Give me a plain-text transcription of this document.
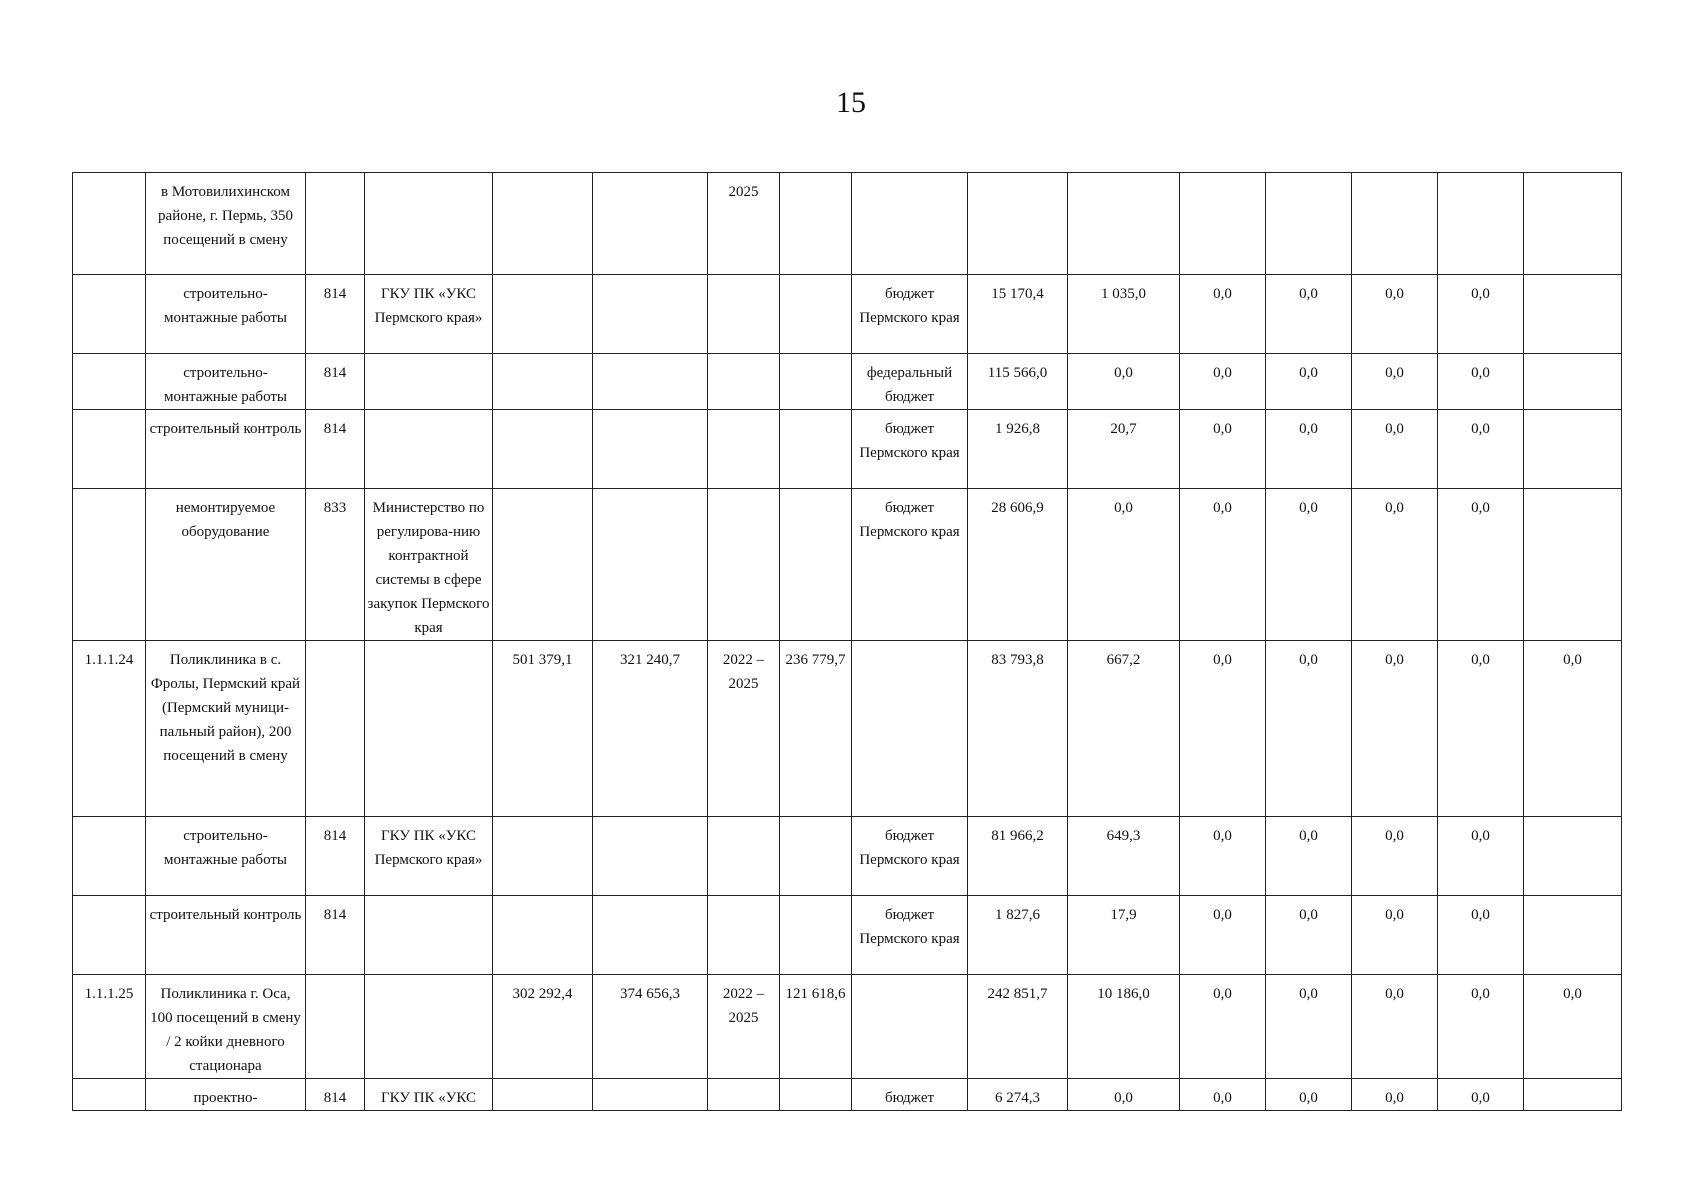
15
	в Мотовилихинском районе, г. Пермь, 350 посещений в смену					2025									
	строительно-монтажные работы	814	ГКУ ПК «УКС Пермского края»					бюджет Пермского края	15 170,4	1 035,0	0,0	0,0	0,0	0,0	
	строительно-монтажные работы	814						федеральный бюджет	115 566,0	0,0	0,0	0,0	0,0	0,0	
	строительный контроль	814						бюджет Пермского края	1 926,8	20,7	0,0	0,0	0,0	0,0	
	немонтируемое оборудование	833	Министерство по регулирова-нию контрактной системы в сфере закупок Пермского края					бюджет Пермского края	28 606,9	0,0	0,0	0,0	0,0	0,0	
1.1.1.24	Поликлиника в с. Фролы, Пермский край (Пермский муници-пальный район), 200 посещений в смену			501 379,1	321 240,7	2022 – 2025	236 779,7		83 793,8	667,2	0,0	0,0	0,0	0,0	0,0
	строительно-монтажные работы	814	ГКУ ПК «УКС Пермского края»					бюджет Пермского края	81 966,2	649,3	0,0	0,0	0,0	0,0	
	строительный контроль	814						бюджет Пермского края	1 827,6	17,9	0,0	0,0	0,0	0,0	
1.1.1.25	Поликлиника г. Оса, 100 посещений в смену / 2 койки дневного стационара			302 292,4	374 656,3	2022 – 2025	121 618,6		242 851,7	10 186,0	0,0	0,0	0,0	0,0	0,0
	проектно-	814	ГКУ ПК «УКС					бюджет	6 274,3	0,0	0,0	0,0	0,0	0,0	
